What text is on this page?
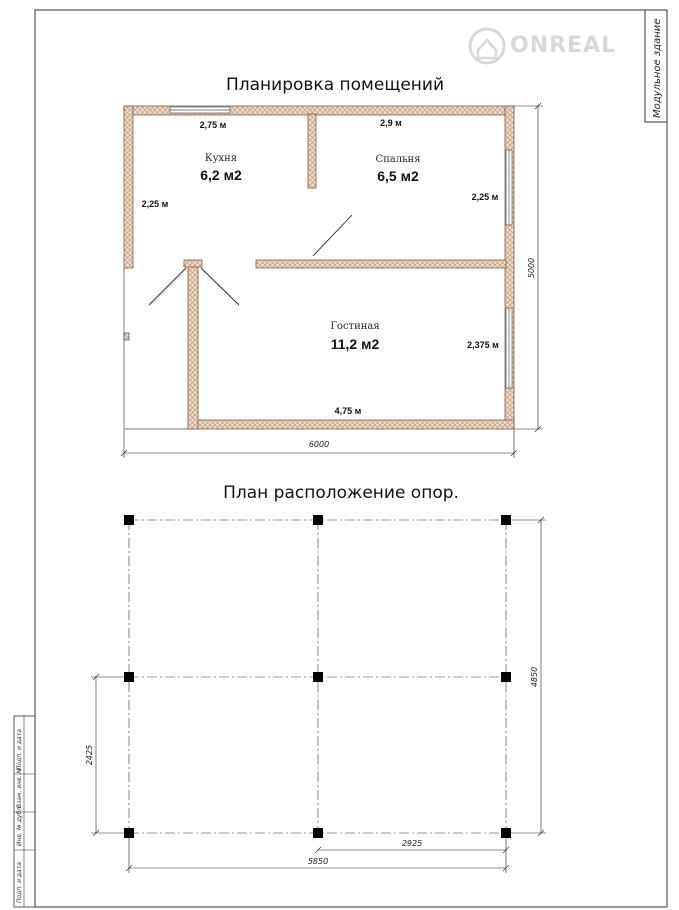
ONREAL
·· ·· ·· ·· ·· ·· ··	Модульное здание
Планировка помещений
Кухня
6,2 м2
Спальня
6,5 м2
Гостиная
11,2 м2
2,75 м
2,25 м
2,9 м
2,25 м
2,375 м
4,75 м
6000
5000
План расположение опор.
5850
2925
4850
2425
Подп. и дата
Взам. инв. №
Инв. № дубл.
Подп. и дата
